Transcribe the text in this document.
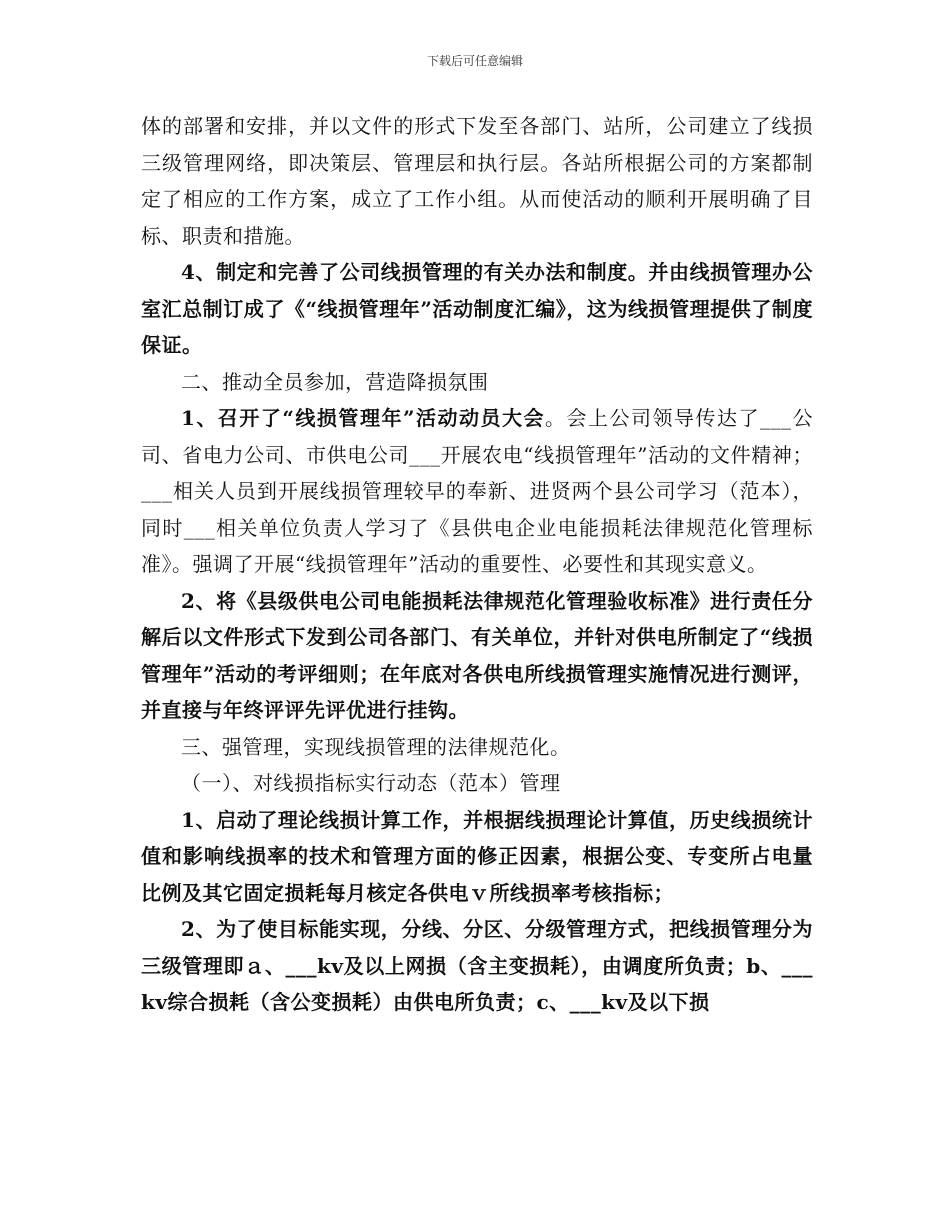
下载后可任意编辑

体的部署和安排，并以文件的形式下发至各部门、站所，公司建立了线损三级管理网络，即决策层、管理层和执行层。各站所根据公司的方案都制定了相应的工作方案，成立了工作小组。从而使活动的顺利开展明确了目标、职责和措施。

4、制定和完善了公司线损管理的有关办法和制度。并由线损管理办公室汇总制订成了《“线损管理年”活动制度汇编》，这为线损管理提供了制度保证。

二、推动全员参加，营造降损氛围

1、召开了“线损管理年”活动动员大会。会上公司领导传达了___公司、省电力公司、市供电公司___开展农电“线损管理年”活动的文件精神；___相关人员到开展线损管理较早的奉新、进贤两个县公司学习（范本），同时___相关单位负责人学习了《县供电企业电能损耗法律规范化管理标准》。强调了开展“线损管理年”活动的重要性、必要性和其现实意义。

2、将《县级供电公司电能损耗法律规范化管理验收标准》进行责任分解后以文件形式下发到公司各部门、有关单位，并针对供电所制定了“线损管理年”活动的考评细则；在年底对各供电所线损管理实施情况进行测评，并直接与年终评评先评优进行挂钩。

三、强管理，实现线损管理的法律规范化。

（一）、对线损指标实行动态（范本）管理

1、启动了理论线损计算工作，并根据线损理论计算值，历史线损统计值和影响线损率的技术和管理方面的修正因素，根据公变、专变所占电量比例及其它固定损耗每月核定各供电ｖ所线损率考核指标；

2、为了使目标能实现，分线、分区、分级管理方式，把线损管理分为三级管理即ａ、___kv及以上网损（含主变损耗），由调度所负责；b、___kv综合损耗（含公变损耗）由供电所负责；c、___kv及以下损
